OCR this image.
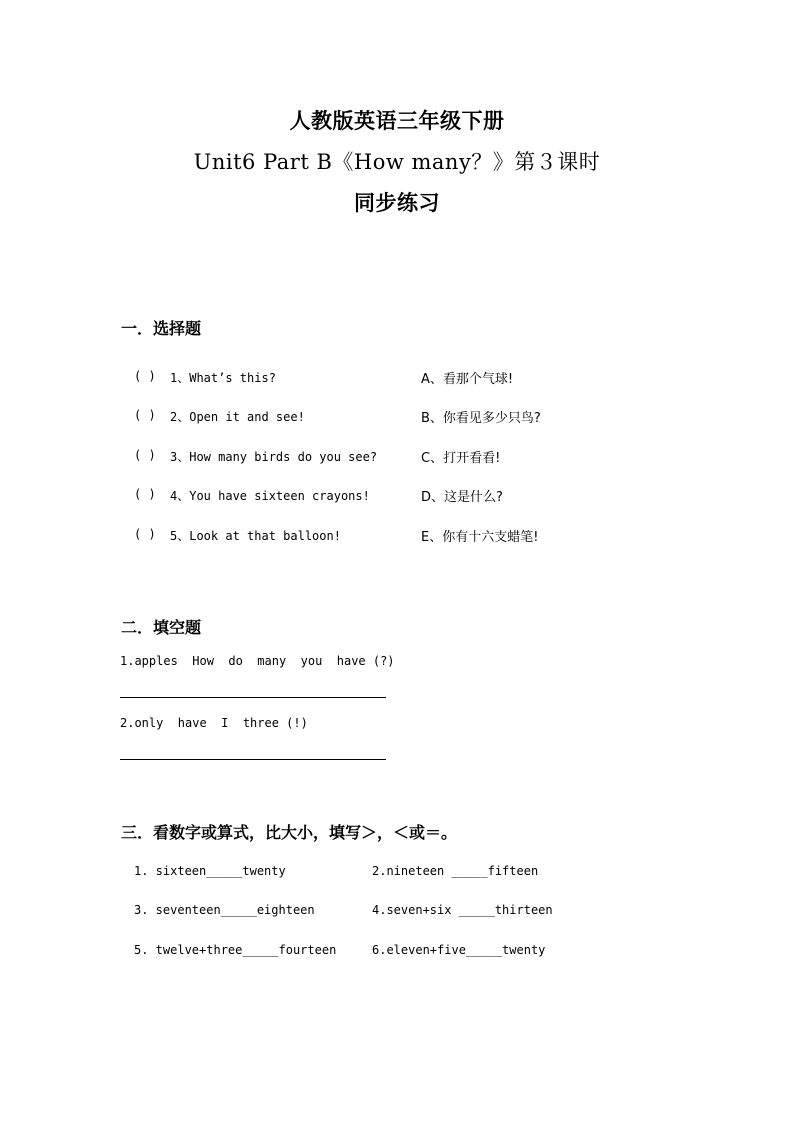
人教版英语三年级下册
Unit6 Part B《How many？》第３课时
同步练习
一．选择题
( ) 1、What’s this?	A、看那个气球!
( ) 2、Open it and see!	B、你看见多少只鸟?
( ) 3、How many birds do you see?	C、打开看看!
( ) 4、You have sixteen crayons!	D、这是什么?
( ) 5、Look at that balloon!	E、你有十六支蜡笔!
二．填空题
1.apples  How  do  many  you  have (?)
2.only  have  I  three (!)
三．看数字或算式，比大小，填写＞，＜或＝。
1. sixteen_____twenty	2.nineteen _____fifteen
3. seventeen_____eighteen	4.seven+six _____thirteen
5. twelve+three_____fourteen	6.eleven+five_____twenty
